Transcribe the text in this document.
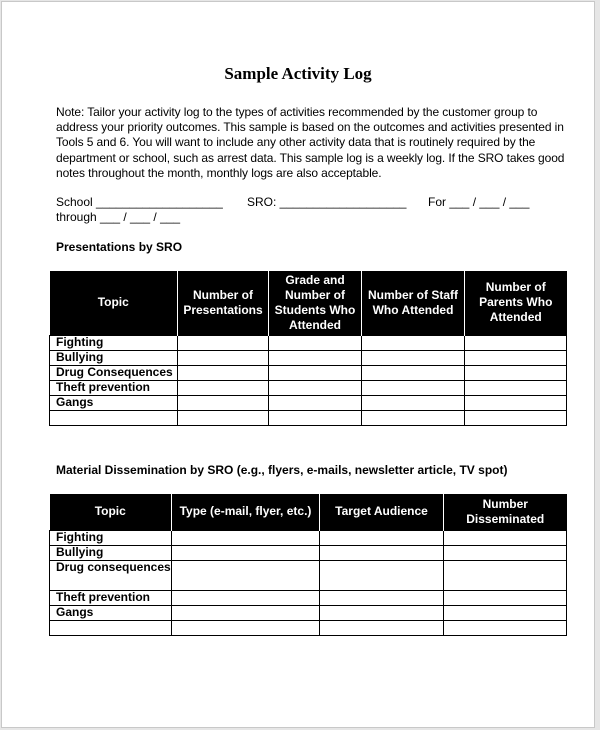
Sample Activity Log
Note: Tailor your activity log to the types of activities recommended by the customer group to
address your priority outcomes. This sample is based on the outcomes and activities presented in
Tools 5 and 6. You will want to include any other activity data that is routinely required by the
department or school, such as arrest data. This sample log is a weekly log. If the SRO takes good
notes throughout the month, monthly logs are also acceptable.
School ___________________ SRO: ___________________ For ___ / ___ / ___
through ___ / ___ / ___
Presentations by SRO
Topic	Number of Presentations	Grade and Number of Students Who Attended	Number of Staff Who Attended	Number of Parents Who Attended
Fighting				
Bullying				
Drug Consequences				
Theft prevention				
Gangs				

Material Dissemination by SRO (e.g., flyers, e-mails, newsletter article, TV spot)
Topic	Type (e-mail, flyer, etc.)	Target Audience	Number Disseminated
Fighting			
Bullying			
Drug consequences			
Theft prevention			
Gangs			
